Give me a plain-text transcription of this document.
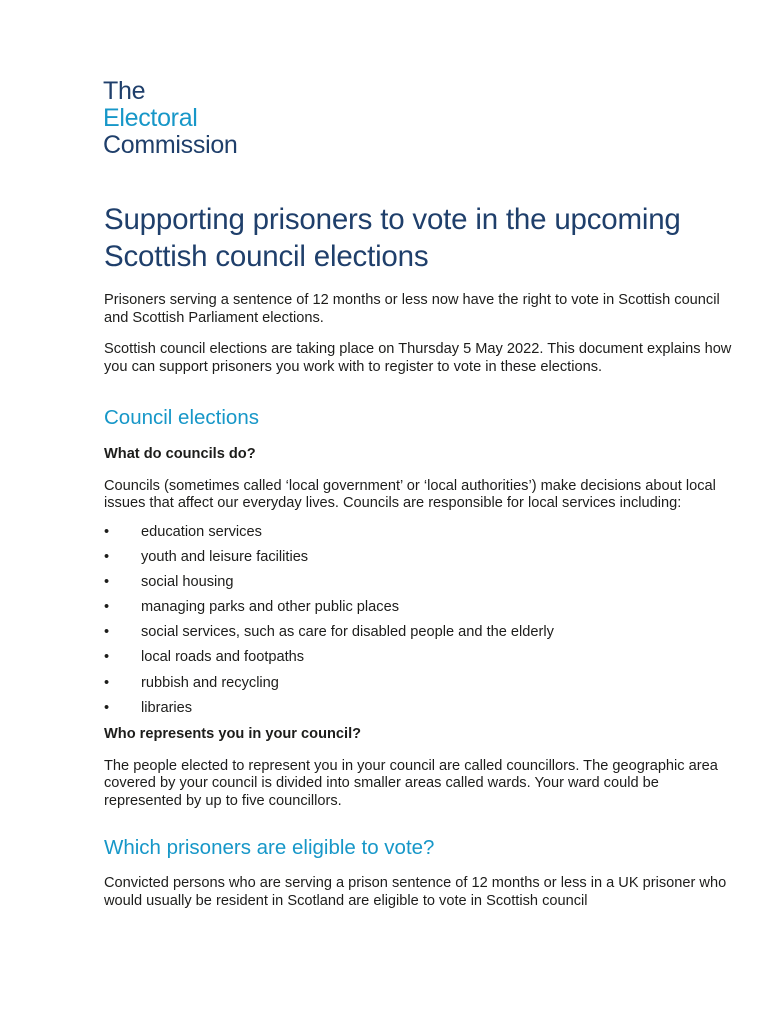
The
Electoral
Commission
Supporting prisoners to vote in the upcoming Scottish council elections

Prisoners serving a sentence of 12 months or less now have the right to vote in Scottish council and Scottish Parliament elections.

Scottish council elections are taking place on Thursday 5 May 2022. This document explains how you can support prisoners you work with to register to vote in these elections.

Council elections
What do councils do?

Councils (sometimes called ‘local government’ or ‘local authorities’) make decisions about local issues that affect our everyday lives. Councils are responsible for local services including:

• education services
• youth and leisure facilities
• social housing
• managing parks and other public places
• social services, such as care for disabled people and the elderly
• local roads and footpaths
• rubbish and recycling
• libraries
Who represents you in your council?

The people elected to represent you in your council are called councillors. The geographic area covered by your council is divided into smaller areas called wards. Your ward could be represented by up to five councillors.

Which prisoners are eligible to vote?

Convicted persons who are serving a prison sentence of 12 months or less in a UK prisoner who would usually be resident in Scotland are eligible to vote in Scottish council
